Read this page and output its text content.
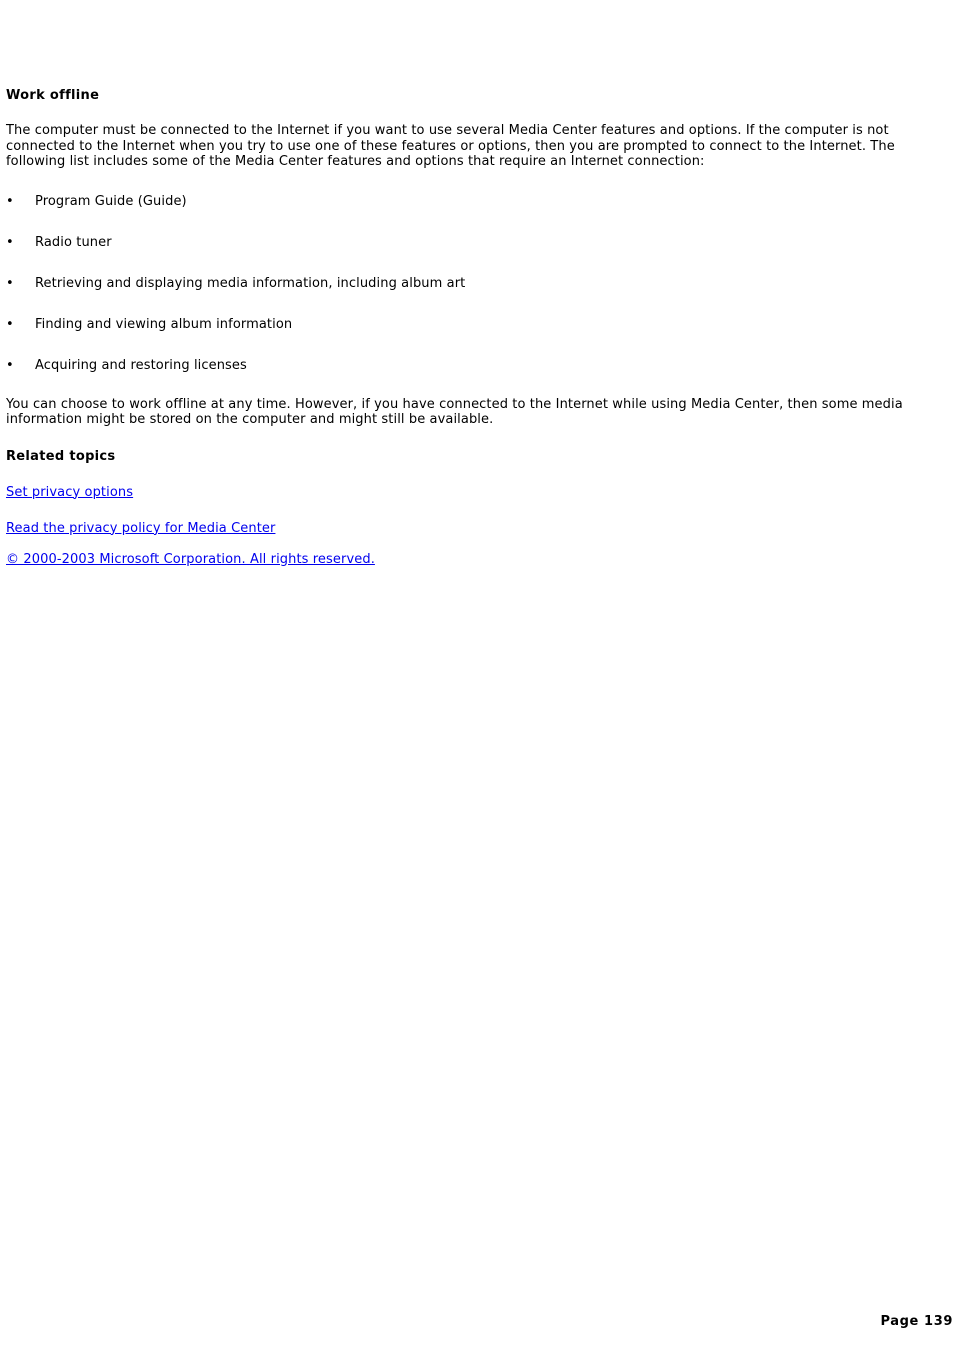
Work offline

The computer must be connected to the Internet if you want to use several Media Center features and options. If the computer is not connected to the Internet when you try to use one of these features or options, then you are prompted to connect to the Internet. The following list includes some of the Media Center features and options that require an Internet connection:

• Program Guide (Guide)
• Radio tuner
• Retrieving and displaying media information, including album art
• Finding and viewing album information
• Acquiring and restoring licenses

You can choose to work offline at any time. However, if you have connected to the Internet while using Media Center, then some media information might be stored on the computer and might still be available.

Related topics
Set privacy options
Read the privacy policy for Media Center
© 2000-2003 Microsoft Corporation. All rights reserved.
Page 139
